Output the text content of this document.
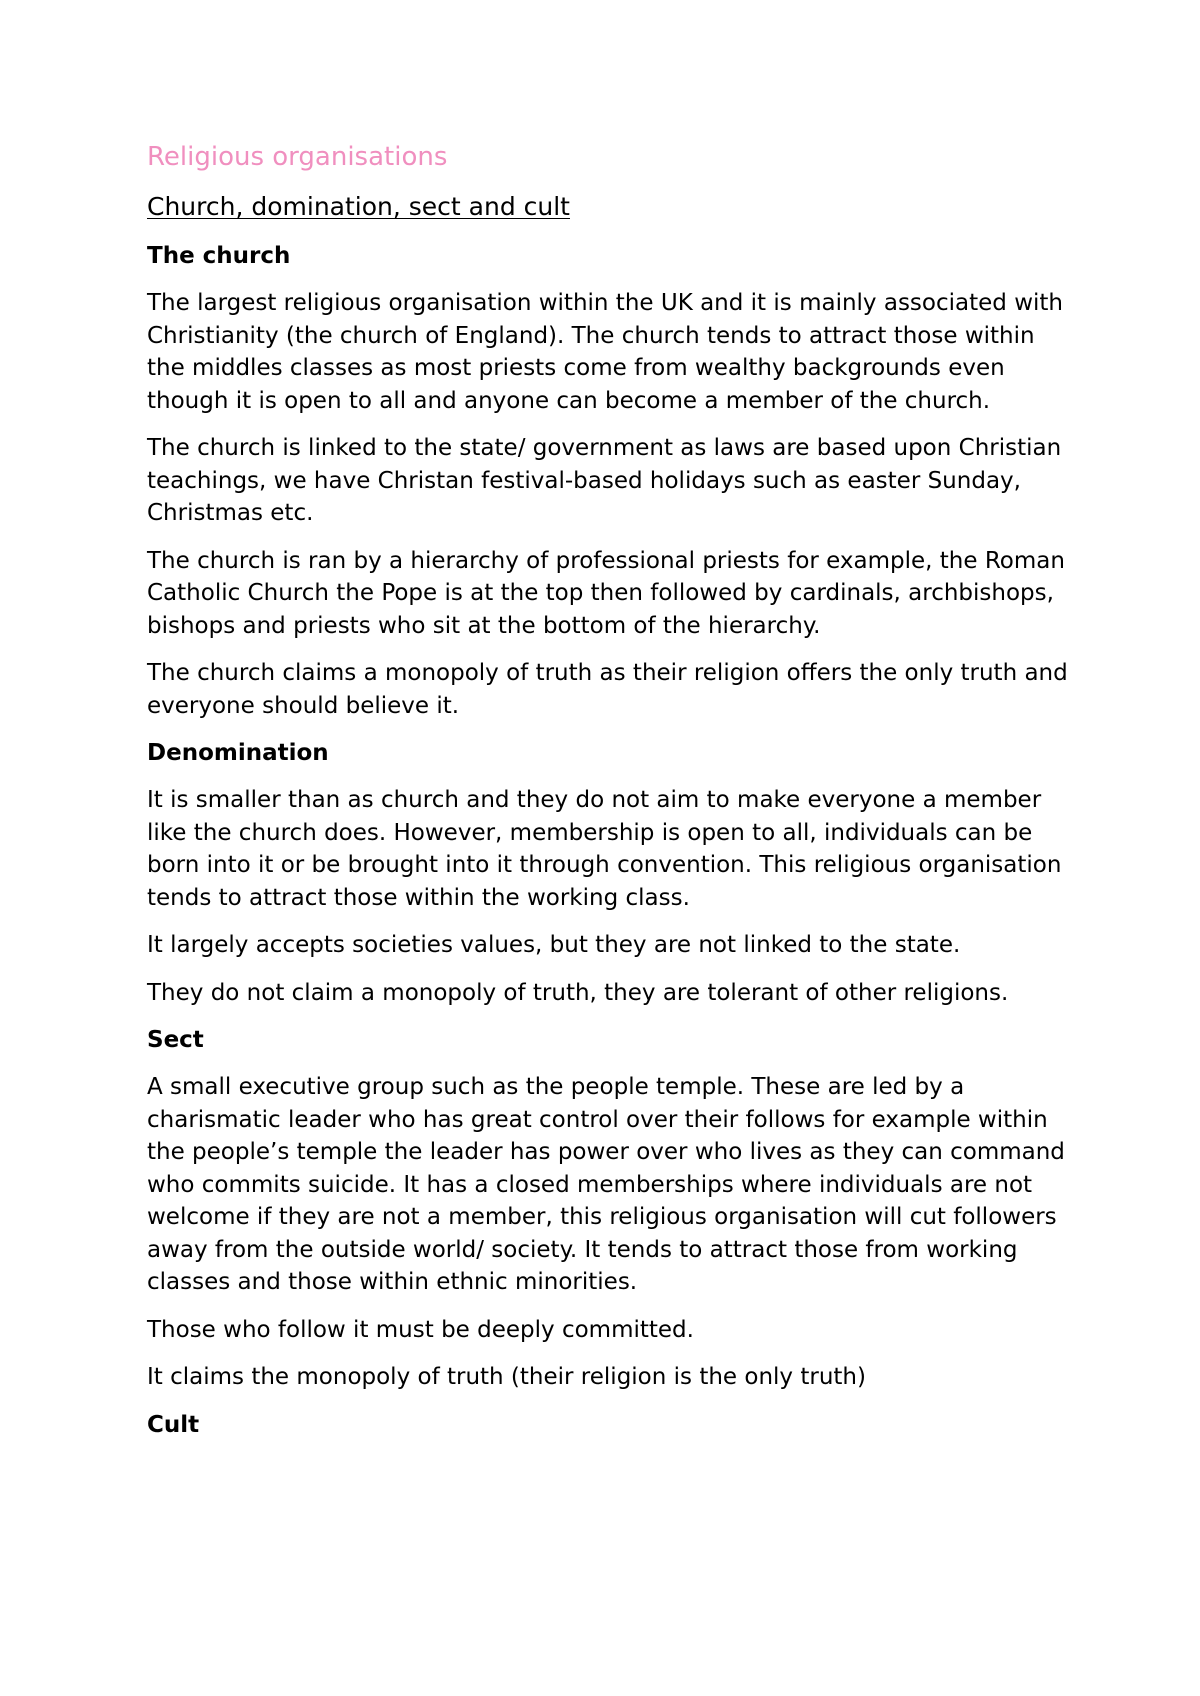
Religious organisations
Church, domination, sect and cult
The church

The largest religious organisation within the UK and it is mainly associated with Christianity (the church of England). The church tends to attract those within the middles classes as most priests come from wealthy backgrounds even though it is open to all and anyone can become a member of the church.

The church is linked to the state/ government as laws are based upon Christian teachings, we have Christan festival-based holidays such as easter Sunday, Christmas etc.

The church is ran by a hierarchy of professional priests for example, the Roman Catholic Church the Pope is at the top then followed by cardinals, archbishops, bishops and priests who sit at the bottom of the hierarchy.

The church claims a monopoly of truth as their religion offers the only truth and everyone should believe it.

Denomination

It is smaller than as church and they do not aim to make everyone a member like the church does. However, membership is open to all, individuals can be born into it or be brought into it through convention. This religious organisation tends to attract those within the working class.

It largely accepts societies values, but they are not linked to the state.

They do not claim a monopoly of truth, they are tolerant of other religions.

Sect

A small executive group such as the people temple. These are led by a charismatic leader who has great control over their follows for example within the people’s temple the leader has power over who lives as they can command who commits suicide. It has a closed memberships where individuals are not welcome if they are not a member, this religious organisation will cut followers away from the outside world/ society. It tends to attract those from working classes and those within ethnic minorities.

Those who follow it must be deeply committed.

It claims the monopoly of truth (their religion is the only truth)

Cult
